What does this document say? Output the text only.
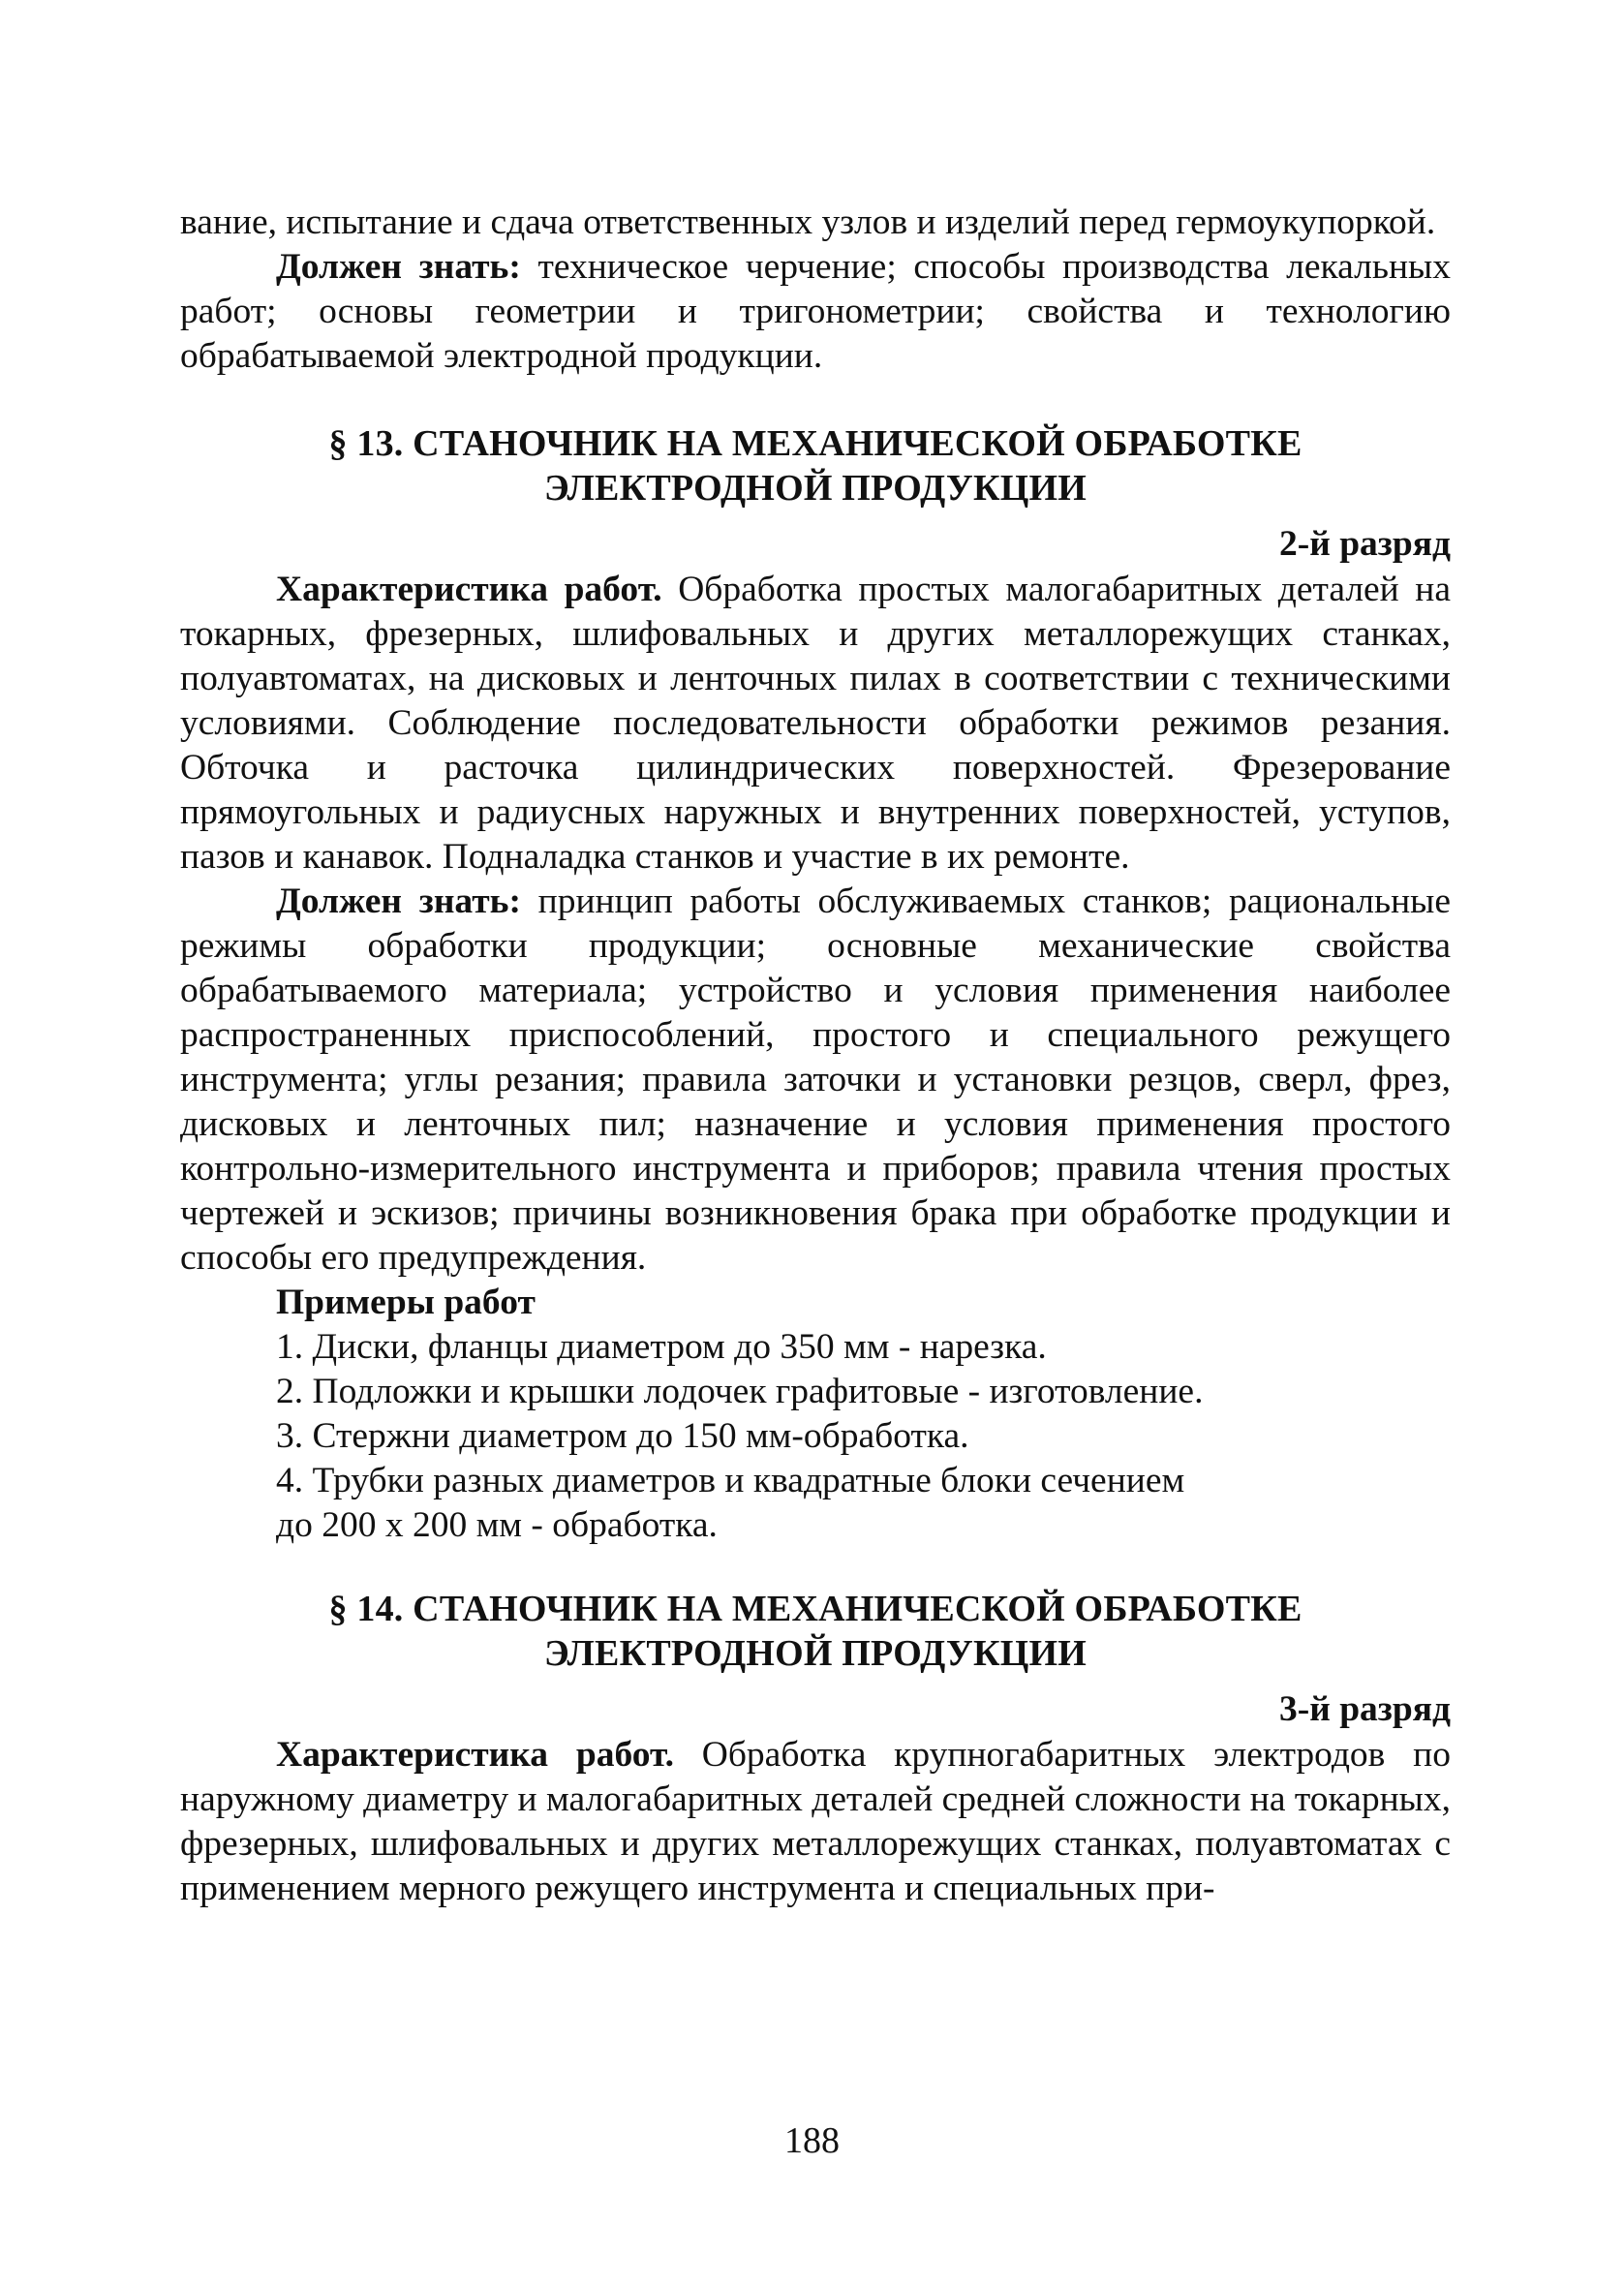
вание, испытание и сдача ответственных узлов и изделий перед гермоукупоркой.

Должен знать: техническое черчение; способы производства лекальных работ; основы геометрии и тригонометрии; свойства и технологию обрабатываемой электродной продукции.

§ 13. СТАНОЧНИК НА МЕХАНИЧЕСКОЙ ОБРАБОТКЕ
ЭЛЕКТРОДНОЙ ПРОДУКЦИИ
2-й разряд

Характеристика работ. Обработка простых малогабаритных деталей на токарных, фрезерных, шлифовальных и других металлорежущих станках, полуавтоматах, на дисковых и ленточных пилах в соответствии с техническими условиями. Соблюдение последовательности обработки режимов резания. Обточка и расточка цилиндрических поверхностей. Фрезерование прямоугольных и радиусных наружных и внутренних поверхностей, уступов, пазов и канавок. Подналадка станков и участие в их ремонте.

Должен знать: принцип работы обслуживаемых станков; рациональные режимы обработки продукции; основные механические свойства обрабатываемого материала; устройство и условия применения наиболее распространенных приспособлений, простого и специального режущего инструмента; углы резания; правила заточки и установки резцов, сверл, фрез, дисковых и ленточных пил; назначение и условия применения простого контрольно-измерительного инструмента и приборов; правила чтения простых чертежей и эскизов; причины возникновения брака при обработке продукции и способы его предупреждения.

Примеры работ
1. Диски, фланцы диаметром до 350 мм - нарезка.
2. Подложки и крышки лодочек графитовые - изготовление.
3. Стержни диаметром до 150 мм-обработка.
4. Трубки разных диаметров и квадратные блоки сечением
до 200 х 200 мм - обработка.
§ 14. СТАНОЧНИК НА МЕХАНИЧЕСКОЙ ОБРАБОТКЕ
ЭЛЕКТРОДНОЙ ПРОДУКЦИИ
3-й разряд

Характеристика работ. Обработка крупногабаритных электродов по наружному диаметру и малогабаритных деталей средней сложности на токарных, фрезерных, шлифовальных и других металлорежущих станках, полуавтоматах с применением мерного режущего инструмента и специальных при-

188
